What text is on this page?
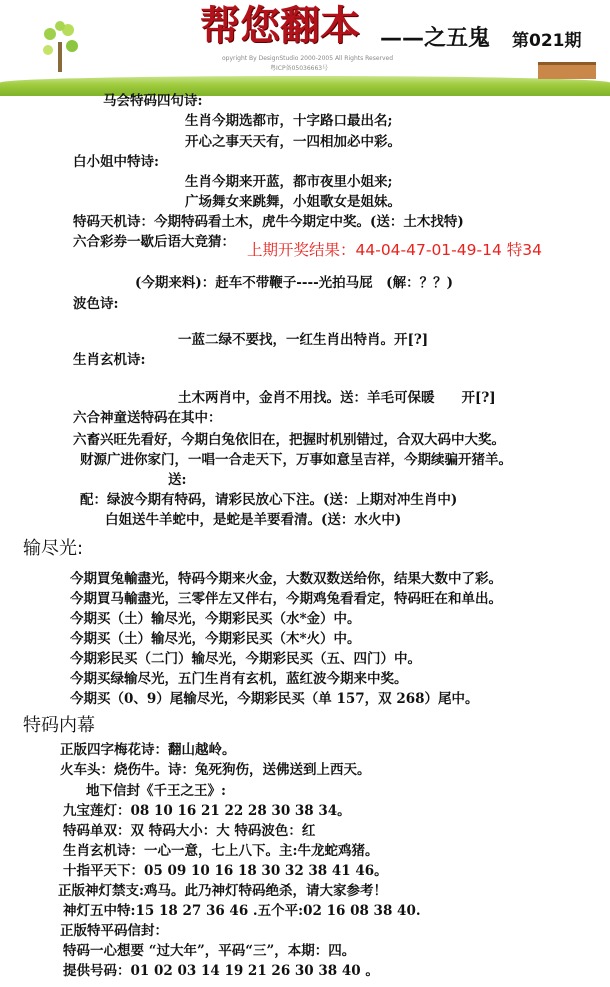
帮您翻本 ——之五鬼 第021期
opyright By DesignStudio 2000-2005 All Rights Reserved
粤ICP备05036663号
马会特码四句诗:
生肖今期选都市，十字路口最出名;
开心之事天天有，一四相加必中彩。
白小姐中特诗:
生肖今期来开蓝，都市夜里小姐来;
广场舞女来跳舞，小姐歌女是姐妹。
特码天机诗：今期特码看土木，虎牛今期定中奖。(送：土木找特)
六合彩券一歇后语大竞猜： 上期开奖结果：44-04-47-01-49-14 特34
(今期来料)：赶车不带鞭子----光拍马屁　(解：？？)
波色诗:
一蓝二绿不要找，一红生肖出特肖。开[?]
生肖玄机诗:
土木两肖中，金肖不用找。送：羊毛可保暖　　开[?]
六合神童送特码在其中：
六畜兴旺先看好，今期白兔依旧在，把握时机别错过，合双大码中大奖。
财源广进你家门，一唱一合走天下，万事如意呈吉祥，今期续骗开猪羊。
送:
配：绿波今期有特码，请彩民放心下注。(送：上期对冲生肖中)
白姐送牛羊蛇中，是蛇是羊要看清。(送：水火中)
输尽光:
今期買兔輸盡光，特码今期来火金，大数双数送给你，结果大数中了彩。
今期買马輸盡光，三零伴左又伴右，今期鸡兔看看定，特码旺在和单出。
今期买（土）输尽光，今期彩民买（水*金）中。
今期买（土）输尽光，今期彩民买（木*火）中。
今期彩民买（二门）输尽光，今期彩民买（五、四门）中。
今期买绿输尽光，五门生肖有玄机，蓝红波今期来中奖。
今期买（0、9）尾输尽光，今期彩民买（单 157，双 268）尾中。
特码内幕
正版四字梅花诗：翻山越岭。
火车头：烧伤牛。诗：兔死狗伤，送佛送到上西天。
地下信封《千王之王》:
九宝莲灯：08 10 16 21 22 28 30 38 34。
特码单双：双 特码大小：大 特码波色：红
生肖玄机诗：一心一意，七上八下。主:牛龙蛇鸡猪。
十指平天下：05 09 10 16 18 30 32 38 41 46。
正版神灯禁支:鸡马。此乃神灯特码绝杀，请大家参考！
神灯五中特:15 18 27 36 46 .五个平:02 16 08 38 40.
正版特平码信封：
特码一心想要 “过大年”，平码“三”，本期：四。
提供号码：01 02 03 14 19 21 26 30 38 40 。
